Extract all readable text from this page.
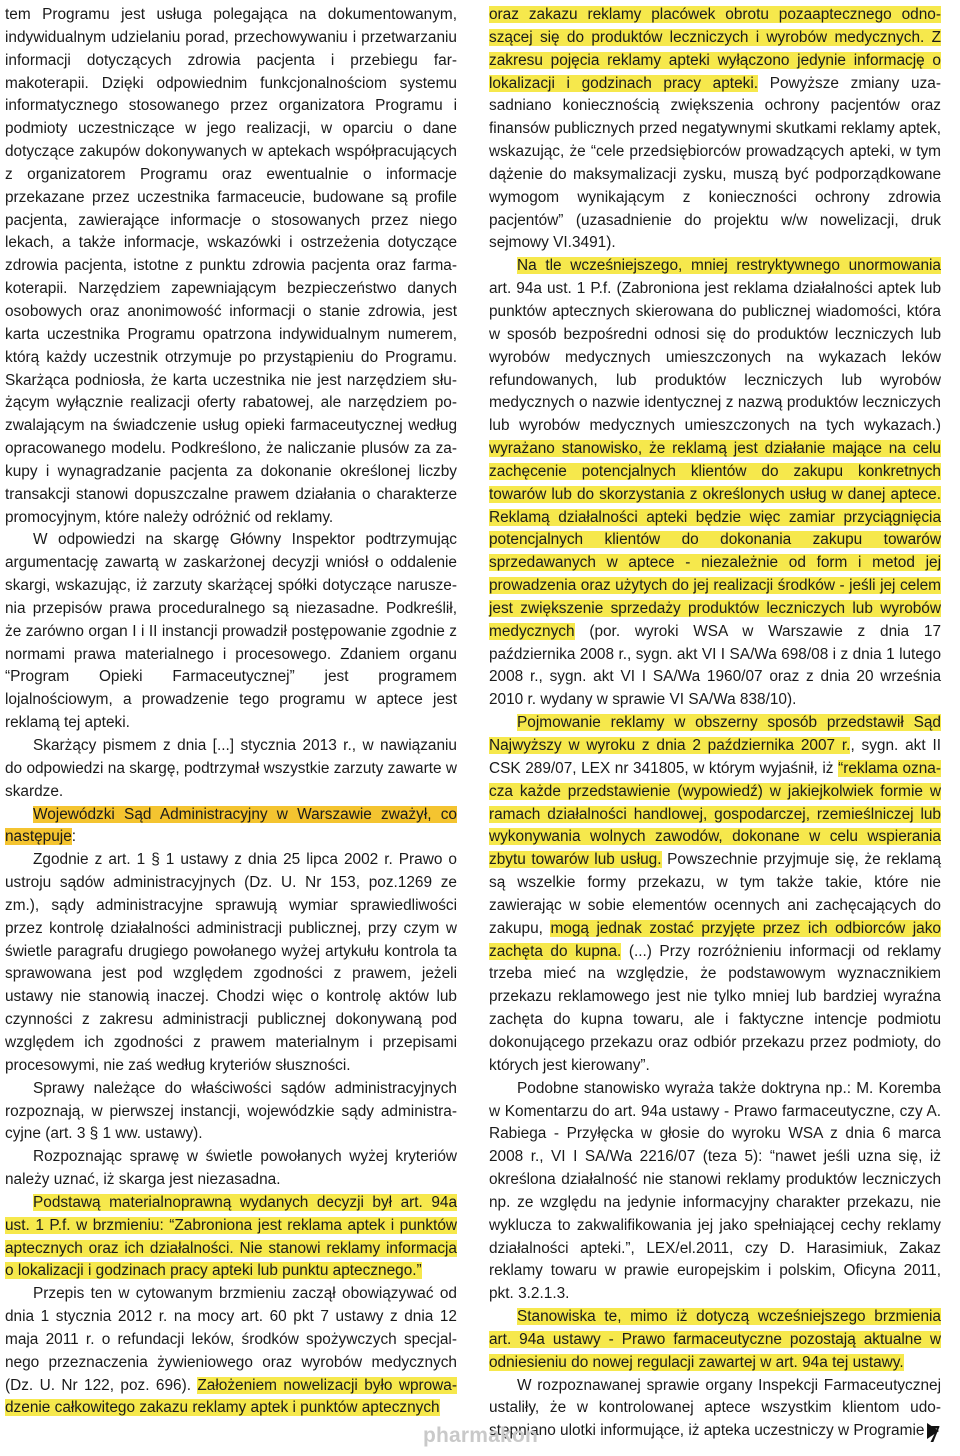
tem Programu jest usługa polegająca na dokumentowanym, indywidualnym udzielaniu porad, przechowywaniu i przetwarzaniu informacji dotyczących zdrowia pacjenta i przebiegu farmakoterapii. Dzięki odpowiednim funkcjonalnościom systemu informatycznego stosowanego przez organizatora Programu i podmioty uczestniczące w jego realizacji, w oparciu o dane dotyczące zakupów dokonywanych w aptekach współpracujących z organizatorem Programu oraz ewentualnie o informacje przekazane przez uczestnika farmaceucie, budowane są profile pacjenta, zawierające informacje o stosowanych przez niego lekach, a także informacje, wskazówki i ostrzeżenia dotyczące zdrowia pacjenta, istotne z punktu zdrowia pacjenta oraz farmakoterapii. Narzędziem zapewniającym bezpieczeństwo danych osobowych oraz anonimowość informacji o stanie zdrowia, jest karta uczestnika Programu opatrzona indywidualnym numerem, którą każdy uczestnik otrzymuje po przystąpieniu do Programu. Skarżąca podniosła, że karta uczestnika nie jest narzędziem służącym wyłącznie realizacji oferty rabatowej, ale narzędziem pozwalającym na świadczenie usług opieki farmaceutycznej według opracowanego modelu. Podkreślono, że naliczanie plusów za zakupy i wynagradzanie pacjenta za dokonanie określonej liczby transakcji stanowi dopuszczalne prawem działania o charakterze promocyjnym, które należy odróżnić od reklamy.

W odpowiedzi na skargę Główny Inspektor podtrzymując argumentację zawartą w zaskarżonej decyzji wniósł o oddalenie skargi, wskazując, iż zarzuty skarżącej spółki dotyczące naruszenia przepisów prawa proceduralnego są niezasadne. Podkreślił, że zarówno organ I i II instancji prowadził postępowanie zgodnie z normami prawa materialnego i procesowego. Zdaniem organu “Program Opieki Farmaceutycznej” jest programem lojalnościowym, a prowadzenie tego programu w aptece jest reklamą tej apteki.

Skarżący pismem z dnia [...] stycznia 2013 r., w nawiązaniu do odpowiedzi na skargę, podtrzymał wszystkie zarzuty zawarte w skardze.

Wojewódzki Sąd Administracyjny w Warszawie zważył, co następuje:

Zgodnie z art. 1 § 1 ustawy z dnia 25 lipca 2002 r. Prawo o ustroju sądów administracyjnych (Dz. U. Nr 153, poz.1269 ze zm.), sądy administracyjne sprawują wymiar sprawiedliwości przez kontrolę działalności administracji publicznej, przy czym w świetle paragrafu drugiego powołanego wyżej artykułu kontrola ta sprawowana jest pod względem zgodności z prawem, jeżeli ustawy nie stanowią inaczej. Chodzi więc o kontrolę aktów lub czynności z zakresu administracji publicznej dokonywaną pod względem ich zgodności z prawem materialnym i przepisami procesowymi, nie zaś według kryteriów słuszności.

Sprawy należące do właściwości sądów administracyjnych rozpoznają, w pierwszej instancji, wojewódzkie sądy administracyjne (art. 3 § 1 ww. ustawy).

Rozpoznając sprawę w świetle powołanych wyżej kryteriów należy uznać, iż skarga jest niezasadna.

Podstawą materialnoprawną wydanych decyzji był art. 94a ust. 1 P.f. w brzmieniu: “Zabroniona jest reklama aptek i punktów aptecznych oraz ich działalności. Nie stanowi reklamy informacja o lokalizacji i godzinach pracy apteki lub punktu aptecznego.”

Przepis ten w cytowanym brzmieniu zaczął obowiązywać od dnia 1 stycznia 2012 r. na mocy art. 60 pkt 7 ustawy z dnia 12 maja 2011 r. o refundacji leków, środków spożywczych specjalnego przeznaczenia żywieniowego oraz wyrobów medycznych (Dz. U. Nr 122, poz. 696). Założeniem nowelizacji było wprowadzenie całkowitego zakazu reklamy aptek i punktów aptecznych

oraz zakazu reklamy placówek obrotu pozaaptecznego odnoszącej się do produktów leczniczych i wyrobów medycznych. Z zakresu pojęcia reklamy apteki wyłączono jedynie informację o lokalizacji i godzinach pracy apteki. Powyższe zmiany uzasadniano koniecznością zwiększenia ochrony pacjentów oraz finansów publicznych przed negatywnymi skutkami reklamy aptek, wskazując, że “cele przedsiębiorców prowadzących apteki, w tym dążenie do maksymalizacji zysku, muszą być podporządkowane wymogom wynikającym z konieczności ochrony zdrowia pacjentów” (uzasadnienie do projektu w/w nowelizacji, druk sejmowy VI.3491).

Na tle wcześniejszego, mniej restryktywnego unormowania art. 94a ust. 1 P.f. (Zabroniona jest reklama działalności aptek lub punktów aptecznych skierowana do publicznej wiadomości, która w sposób bezpośredni odnosi się do produktów leczniczych lub wyrobów medycznych umieszczonych na wykazach leków refundowanych, lub produktów leczniczych lub wyrobów medycznych o nazwie identycznej z nazwą produktów leczniczych lub wyrobów medycznych umieszczonych na tych wykazach.) wyrażano stanowisko, że reklamą jest działanie mające na celu zachęcenie potencjalnych klientów do zakupu konkretnych towarów lub do skorzystania z określonych usług w danej aptece. Reklamą działalności apteki będzie więc zamiar przyciągnięcia potencjalnych klientów do dokonania zakupu towarów sprzedawanych w aptece - niezależnie od form i metod jej prowadzenia oraz użytych do jej realizacji środków - jeśli jej celem jest zwiększenie sprzedaży produktów leczniczych lub wyrobów medycznych (por. wyroki WSA w Warszawie z dnia 17 października 2008 r., sygn. akt VI I SA/Wa 698/08 i z dnia 1 lutego 2008 r., sygn. akt VI I SA/Wa 1960/07 oraz z dnia 20 września 2010 r. wydany w sprawie VI SA/Wa 838/10).

Pojmowanie reklamy w obszerny sposób przedstawił Sąd Najwyższy w wyroku z dnia 2 października 2007 r., sygn. akt II CSK 289/07, LEX nr 341805, w którym wyjaśnił, iż “reklama oznacza każde przedstawienie (wypowiedź) w jakiejkolwiek formie w ramach działalności handlowej, gospodarczej, rzemieślniczej lub wykonywania wolnych zawodów, dokonane w celu wspierania zbytu towarów lub usług. Powszechnie przyjmuje się, że reklamą są wszelkie formy przekazu, w tym także takie, które nie zawierając w sobie elementów ocennych ani zachęcających do zakupu, mogą jednak zostać przyjęte przez ich odbiorców jako zachęta do kupna. (...) Przy rozróżnieniu informacji od reklamy trzeba mieć na względzie, że podstawowym wyznacznikiem przekazu reklamowego jest nie tylko mniej lub bardziej wyraźna zachęta do kupna towaru, ale i faktyczne intencje podmiotu dokonującego przekazu oraz odbiór przekazu przez podmioty, do których jest kierowany”.

Podobne stanowisko wyraża także doktryna np.: M. Koremba w Komentarzu do art. 94a ustawy - Prawo farmaceutyczne, czy A. Rabiega - Przyłęcka w głosie do wyroku WSA z dnia 6 marca 2008 r., VI I SA/Wa 2216/07 (teza 5): “nawet jeśli uzna się, iż określona działalność nie stanowi reklamy produktów leczniczych np. ze względu na jedynie informacyjny charakter przekazu, nie wyklucza to zakwalifikowania jej jako spełniającej cechy reklamy działalności apteki.”, LEX/el.2011, czy D. Harasimiuk, Zakaz reklamy towaru w prawie europejskim i polskim, Oficyna 2011, pkt. 3.2.1.3.

Stanowiska te, mimo iż dotyczą wcześniejszego brzmienia art. 94a ustawy - Prawo farmaceutyczne pozostają aktualne w odniesieniu do nowej regulacji zawartej w art. 94a tej ustawy.

W rozpoznawanej sprawie organy Inspekcji Farmaceutycznej ustaliły, że w kontrolowanej aptece wszystkim klientom udostępniano ulotki informujące, iż apteka uczestniczy w Programie

pharmakon	7
